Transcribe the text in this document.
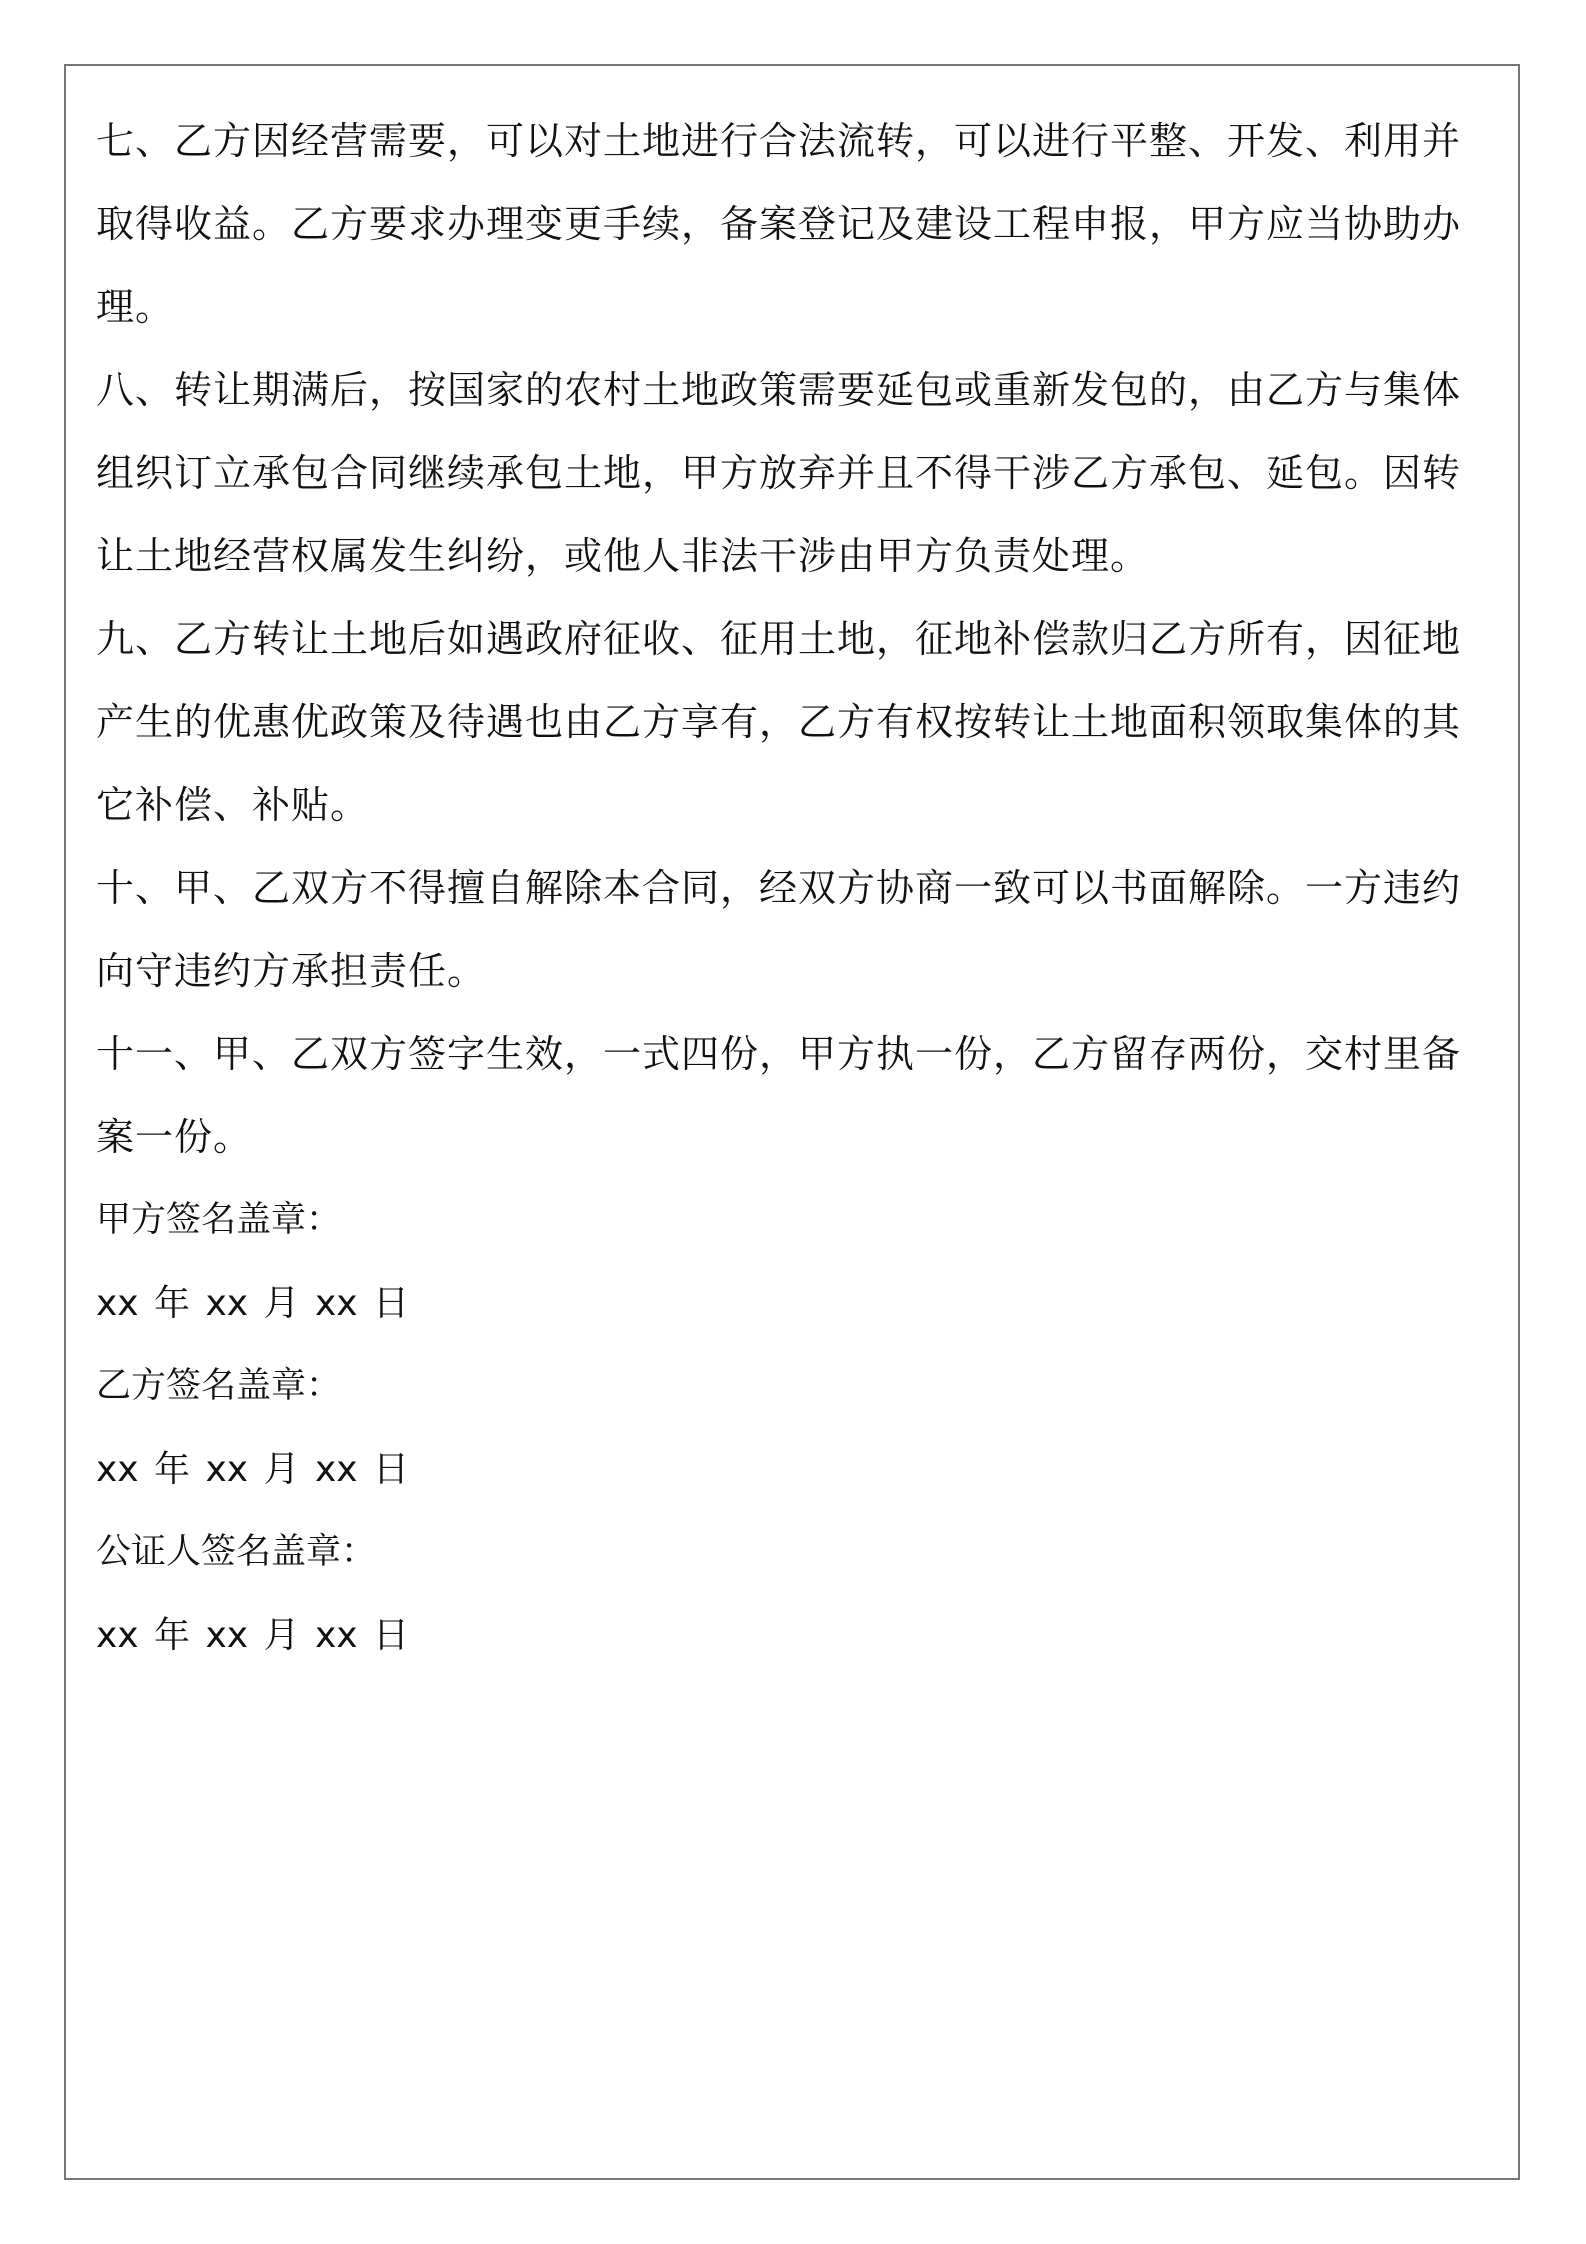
七、乙方因经营需要，可以对土地进行合法流转，可以进行平整、开发、利用并取得收益。乙方要求办理变更手续，备案登记及建设工程申报，甲方应当协助办理。

八、转让期满后，按国家的农村土地政策需要延包或重新发包的，由乙方与集体组织订立承包合同继续承包土地，甲方放弃并且不得干涉乙方承包、延包。因转让土地经营权属发生纠纷，或他人非法干涉由甲方负责处理。

九、乙方转让土地后如遇政府征收、征用土地，征地补偿款归乙方所有，因征地产生的优惠优政策及待遇也由乙方享有，乙方有权按转让土地面积领取集体的其它补偿、补贴。

十、甲、乙双方不得擅自解除本合同，经双方协商一致可以书面解除。一方违约向守违约方承担责任。

十一、甲、乙双方签字生效，一式四份，甲方执一份，乙方留存两份，交村里备案一份。

甲方签名盖章：

xx 年 xx 月 xx 日

乙方签名盖章：

xx 年 xx 月 xx 日

公证人签名盖章：

xx 年 xx 月 xx 日
